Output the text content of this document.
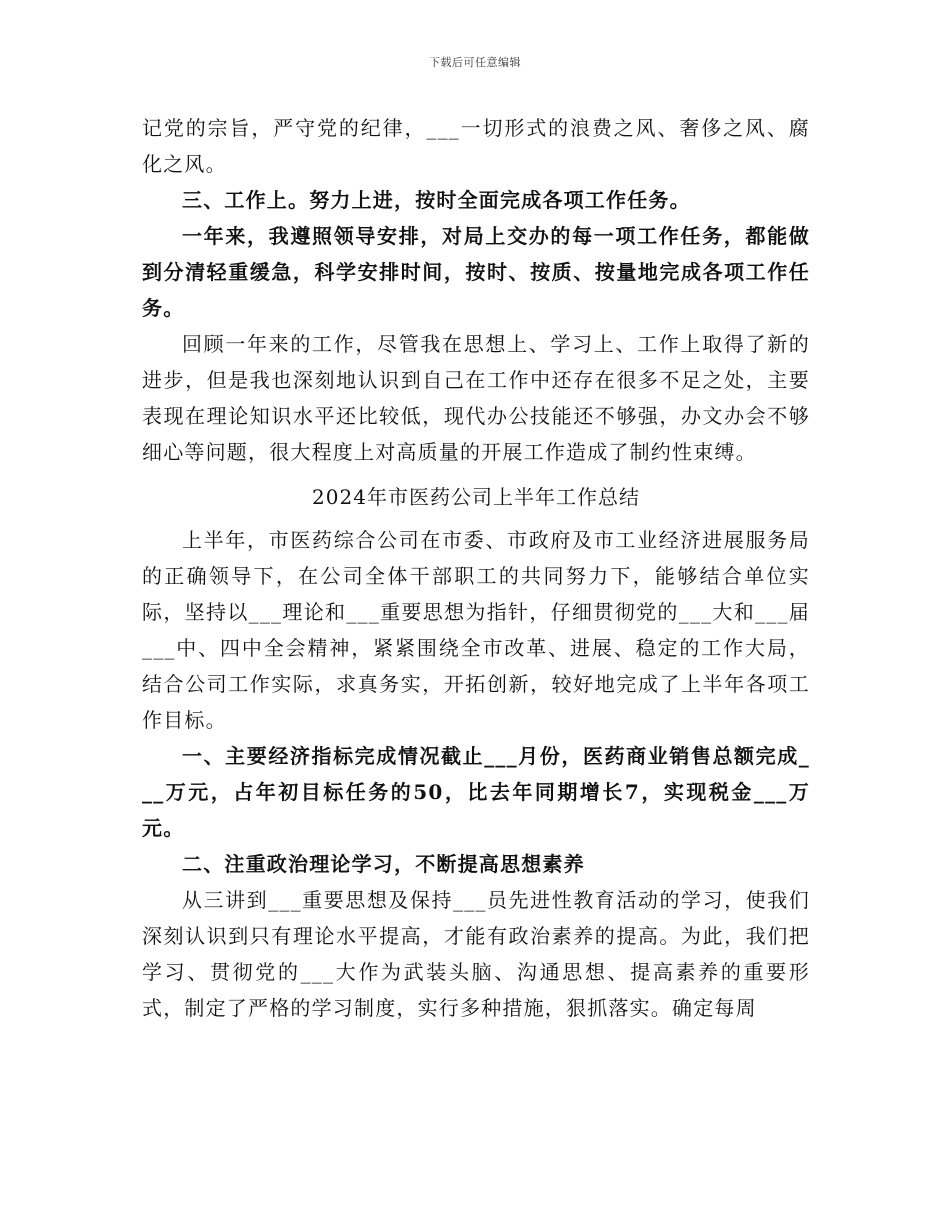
下载后可任意编辑

记党的宗旨，严守党的纪律，___一切形式的浪费之风、奢侈之风、腐化之风。

三、工作上。努力上进，按时全面完成各项工作任务。

一年来，我遵照领导安排，对局上交办的每一项工作任务，都能做到分清轻重缓急，科学安排时间，按时、按质、按量地完成各项工作任务。

回顾一年来的工作，尽管我在思想上、学习上、工作上取得了新的进步，但是我也深刻地认识到自己在工作中还存在很多不足之处，主要表现在理论知识水平还比较低，现代办公技能还不够强，办文办会不够细心等问题，很大程度上对高质量的开展工作造成了制约性束缚。

2024年市医药公司上半年工作总结

上半年，市医药综合公司在市委、市政府及市工业经济进展服务局的正确领导下，在公司全体干部职工的共同努力下，能够结合单位实际，坚持以___理论和___重要思想为指针，仔细贯彻党的___大和___届___中、四中全会精神，紧紧围绕全市改革、进展、稳定的工作大局，结合公司工作实际，求真务实，开拓创新，较好地完成了上半年各项工作目标。

一、主要经济指标完成情况截止___月份，医药商业销售总额完成___万元，占年初目标任务的50，比去年同期增长7，实现税金___万元。

二、注重政治理论学习，不断提高思想素养

从三讲到___重要思想及保持___员先进性教育活动的学习，使我们深刻认识到只有理论水平提高，才能有政治素养的提高。为此，我们把学习、贯彻党的___大作为武装头脑、沟通思想、提高素养的重要形式，制定了严格的学习制度，实行多种措施，狠抓落实。确定每周
